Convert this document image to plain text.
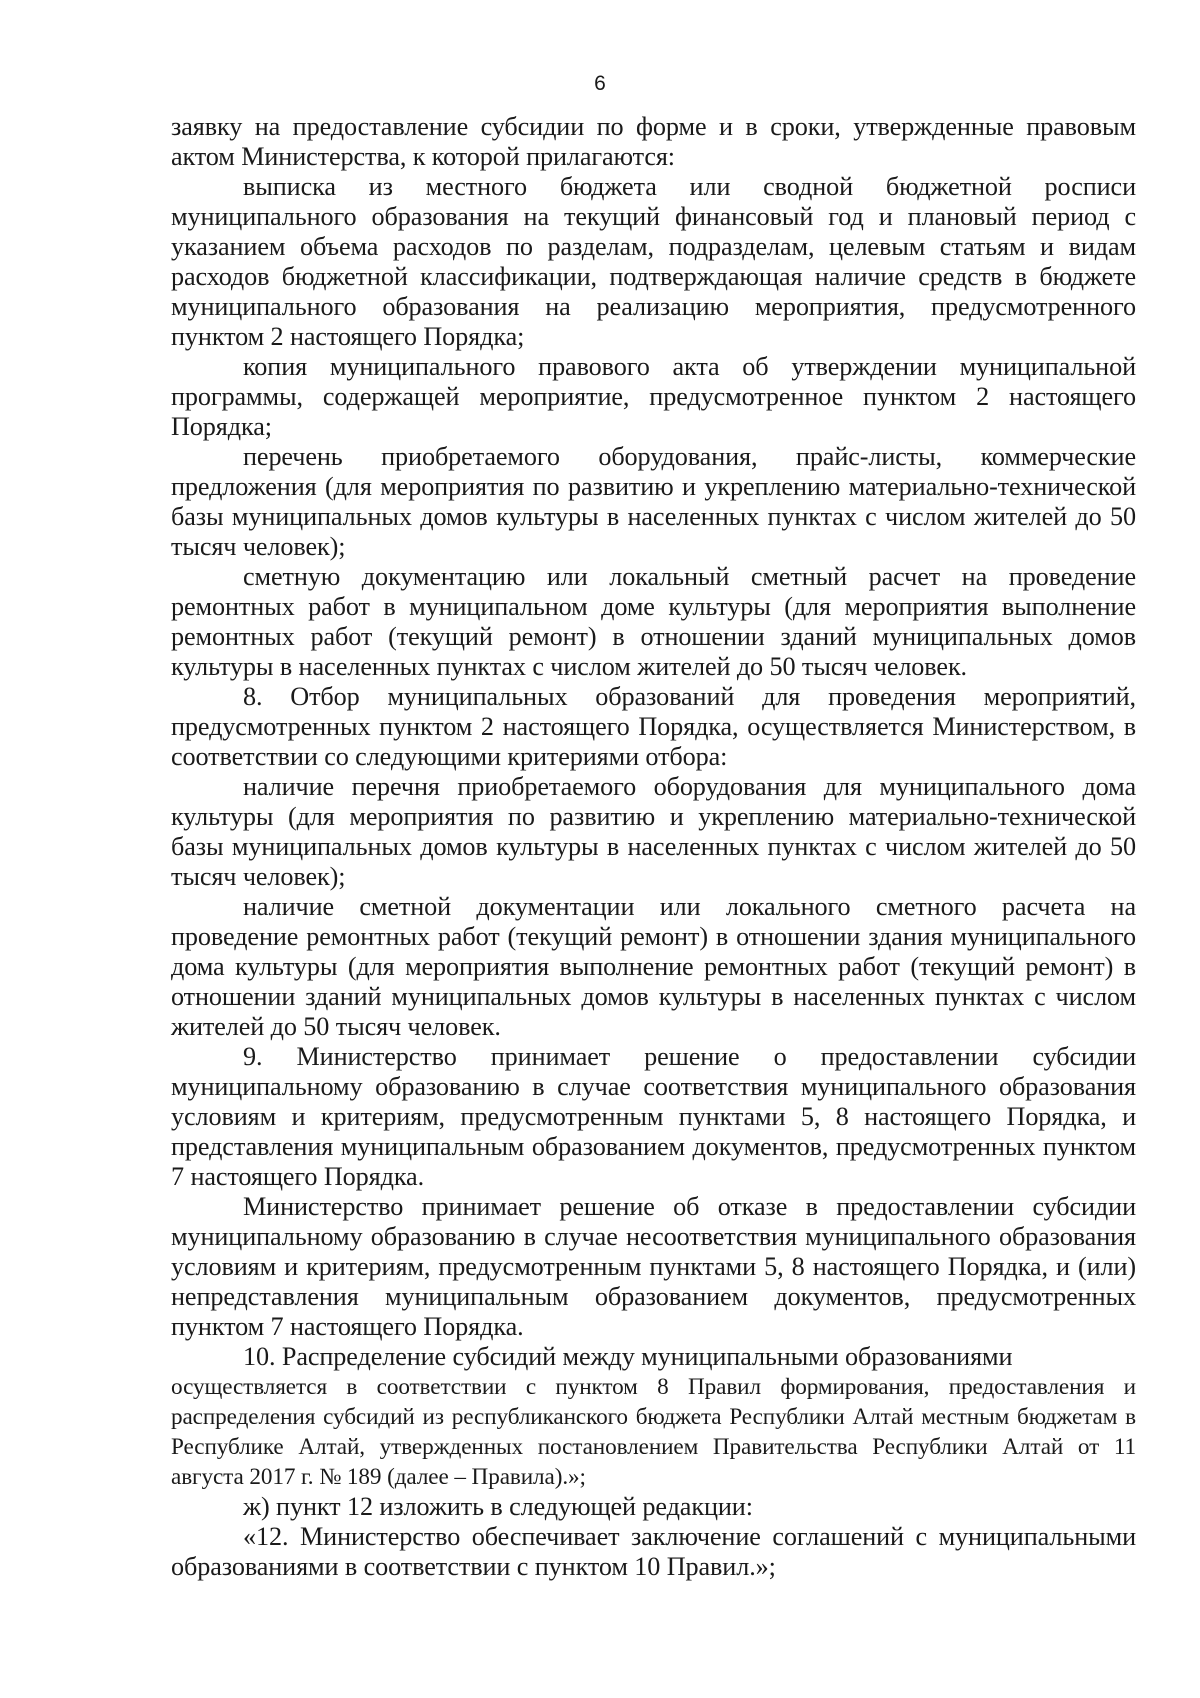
6

заявку на предоставление субсидии по форме и в сроки, утвержденные правовым актом Министерства, к которой прилагаются:

выписка из местного бюджета или сводной бюджетной росписи муниципального образования на текущий финансовый год и плановый период с указанием объема расходов по разделам, подразделам, целевым статьям и видам расходов бюджетной классификации, подтверждающая наличие средств в бюджете муниципального образования на реализацию мероприятия, предусмотренного пунктом 2 настоящего Порядка;

копия муниципального правового акта об утверждении муниципальной программы, содержащей мероприятие, предусмотренное пунктом 2 настоящего Порядка;

перечень приобретаемого оборудования, прайс-листы, коммерческие предложения (для мероприятия по развитию и укреплению материально-технической базы муниципальных домов культуры в населенных пунктах с числом жителей до 50 тысяч человек);

сметную документацию или локальный сметный расчет на проведение ремонтных работ в муниципальном доме культуры (для мероприятия выполнение ремонтных работ (текущий ремонт) в отношении зданий муниципальных домов культуры в населенных пунктах с числом жителей до 50 тысяч человек.

8. Отбор муниципальных образований для проведения мероприятий, предусмотренных пунктом 2 настоящего Порядка, осуществляется Министерством, в соответствии со следующими критериями отбора:

наличие перечня приобретаемого оборудования для муниципального дома культуры (для мероприятия по развитию и укреплению материально-технической базы муниципальных домов культуры в населенных пунктах с числом жителей до 50 тысяч человек);

наличие сметной документации или локального сметного расчета на проведение ремонтных работ (текущий ремонт) в отношении здания муниципального дома культуры (для мероприятия выполнение ремонтных работ (текущий ремонт) в отношении зданий муниципальных домов культуры в населенных пунктах с числом жителей до 50 тысяч человек.

9. Министерство принимает решение о предоставлении субсидии муниципальному образованию в случае соответствия муниципального образования условиям и критериям, предусмотренным пунктами 5, 8 настоящего Порядка, и представления муниципальным образованием документов, предусмотренных пунктом 7 настоящего Порядка.

Министерство принимает решение об отказе в предоставлении субсидии муниципальному образованию в случае несоответствия муниципального образования условиям и критериям, предусмотренным пунктами 5, 8 настоящего Порядка, и (или) непредставления муниципальным образованием документов, предусмотренных пунктом 7 настоящего Порядка.

10. Распределение субсидий между муниципальными образованиями

осуществляется в соответствии с пунктом 8 Правил формирования, предоставления и распределения субсидий из республиканского бюджета Республики Алтай местным бюджетам в Республике Алтай, утвержденных постановлением Правительства Республики Алтай от 11 августа 2017 г. № 189 (далее – Правила).»;

ж) пункт 12 изложить в следующей редакции:

«12. Министерство обеспечивает заключение соглашений с муниципальными образованиями в соответствии с пунктом 10 Правил.»;
